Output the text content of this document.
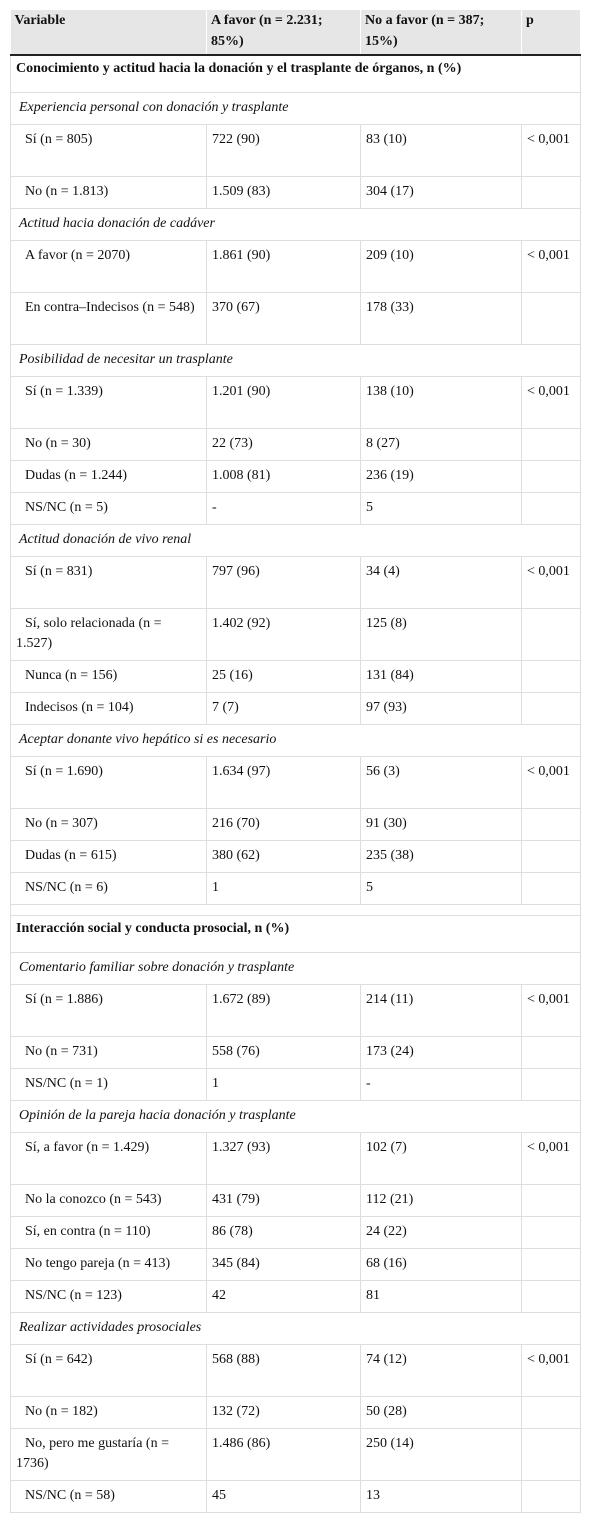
Variable	A favor (n = 2.231; 85%)	No a favor (n = 387; 15%)	p
Conocimiento y actitud hacia la donación y el trasplante de órganos, n (%)			
Experiencia personal con donación y trasplante			
Sí (n = 805)	722 (90)	83 (10)	< 0,001
No (n = 1.813)	1.509 (83)	304 (17)	
Actitud hacia donación de cadáver			
A favor (n = 2070)	1.861 (90)	209 (10)	< 0,001
En contra–Indecisos (n = 548)	370 (67)	178 (33)	
Posibilidad de necesitar un trasplante			
Sí (n = 1.339)	1.201 (90)	138 (10)	< 0,001
No (n = 30)	22 (73)	8 (27)	
Dudas (n = 1.244)	1.008 (81)	236 (19)	
NS/NC (n = 5)	-	5	
Actitud donación de vivo renal			
Sí (n = 831)	797 (96)	34 (4)	< 0,001
Sí, solo relacionada (n = 1.527)	1.402 (92)	125 (8)	
Nunca (n = 156)	25 (16)	131 (84)	
Indecisos (n = 104)	7 (7)	97 (93)	
Aceptar donante vivo hepático si es necesario			
Sí (n = 1.690)	1.634 (97)	56 (3)	< 0,001
No (n = 307)	216 (70)	91 (30)	
Dudas (n = 615)	380 (62)	235 (38)	
NS/NC (n = 6)	1	5	

Interacción social y conducta prosocial, n (%)			
Comentario familiar sobre donación y trasplante			
Sí (n = 1.886)	1.672 (89)	214 (11)	< 0,001
No (n = 731)	558 (76)	173 (24)	
NS/NC (n = 1)	1	-	
Opinión de la pareja hacia donación y trasplante			
Sí, a favor (n = 1.429)	1.327 (93)	102 (7)	< 0,001
No la conozco (n = 543)	431 (79)	112 (21)	
Sí, en contra (n = 110)	86 (78)	24 (22)	
No tengo pareja (n = 413)	345 (84)	68 (16)	
NS/NC (n = 123)	42	81	
Realizar actividades prosociales			
Sí (n = 642)	568 (88)	74 (12)	< 0,001
No (n = 182)	132 (72)	50 (28)	
No, pero me gustaría (n = 1736)	1.486 (86)	250 (14)	
NS/NC (n = 58)	45	13	
